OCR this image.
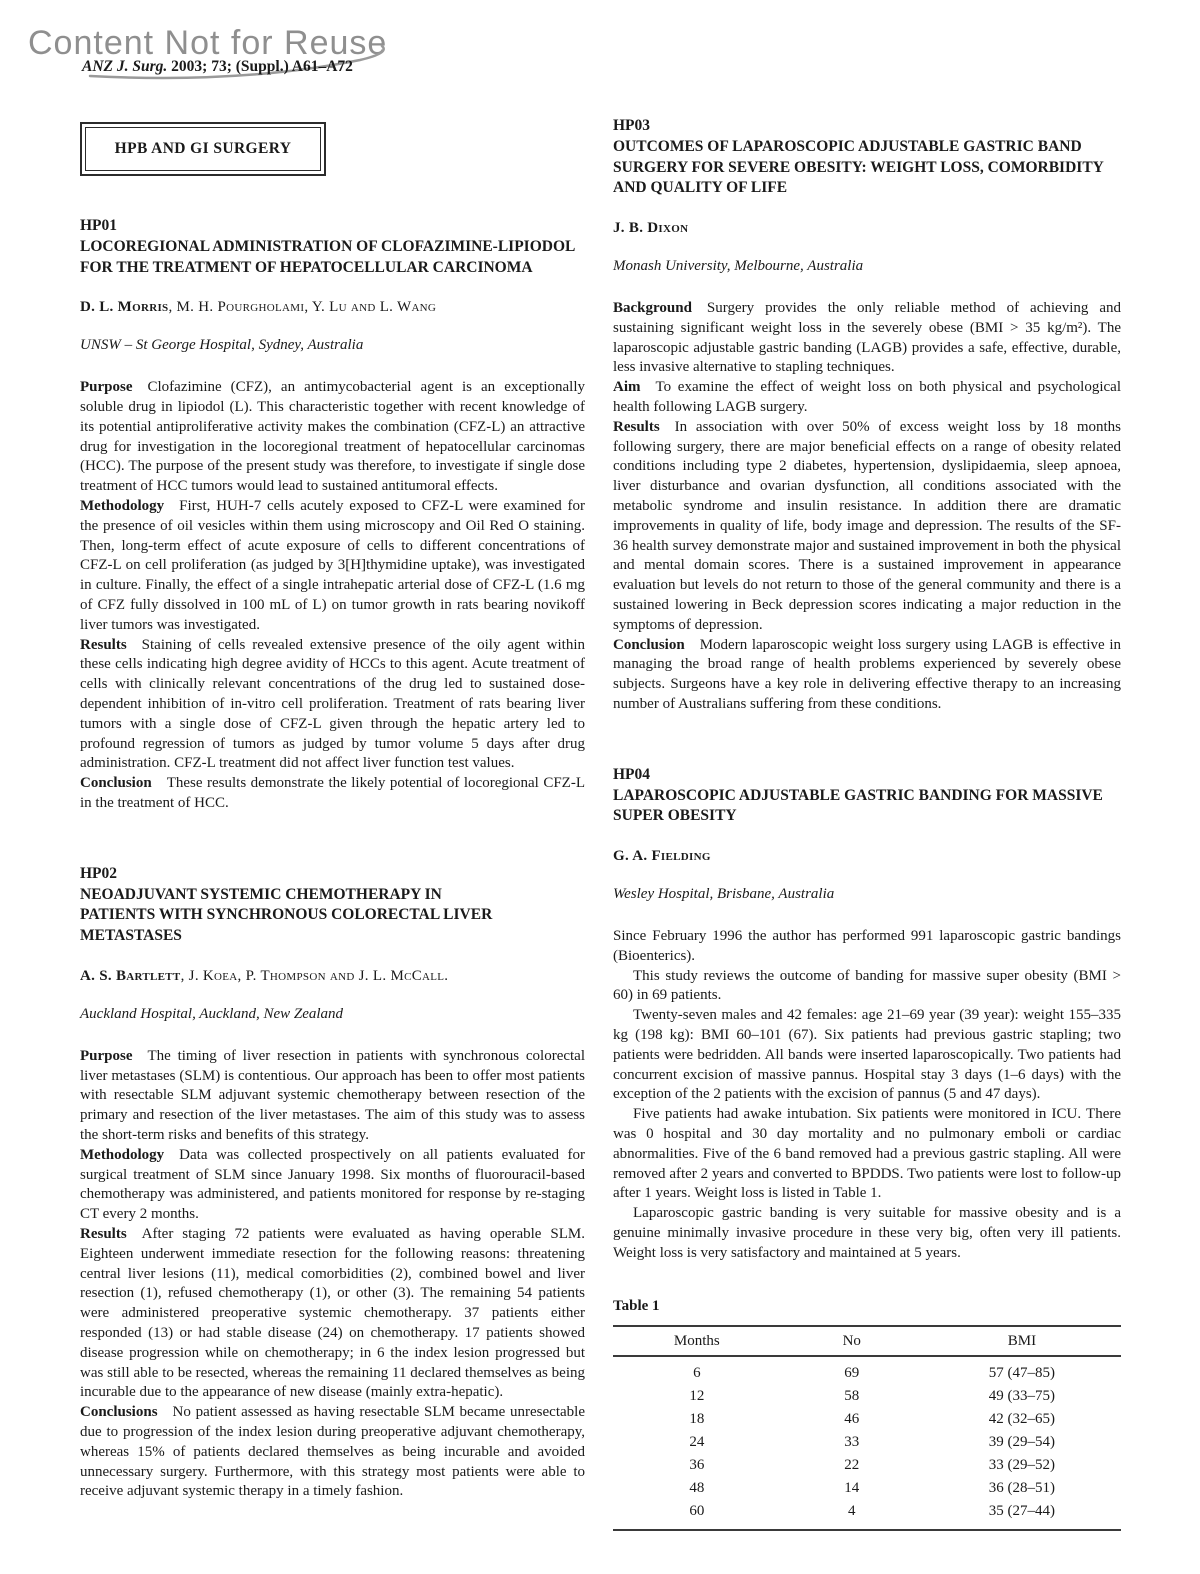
Content Not for Reuse
ANZ J. Surg. 2003; 73; (Suppl.) A61–A72
HPB AND GI SURGERY
HP01
LOCOREGIONAL ADMINISTRATION OF CLOFAZIMINE-LIPIODOL FOR THE TREATMENT OF HEPATOCELLULAR CARCINOMA

D. L. Morris, M. H. Pourgholami, Y. Lu and L. Wang

UNSW – St George Hospital, Sydney, Australia

Purpose Clofazimine (CFZ), an antimycobacterial agent is an exceptionally soluble drug in lipiodol (L). This characteristic together with recent knowledge of its potential antiproliferative activity makes the combination (CFZ-L) an attractive drug for investigation in the locoregional treatment of hepatocellular carcinomas (HCC). The purpose of the present study was therefore, to investigate if single dose treatment of HCC tumors would lead to sustained antitumoral effects.

Methodology First, HUH-7 cells acutely exposed to CFZ-L were examined for the presence of oil vesicles within them using microscopy and Oil Red O staining. Then, long-term effect of acute exposure of cells to different concentrations of CFZ-L on cell proliferation (as judged by 3[H]thymidine uptake), was investigated in culture. Finally, the effect of a single intrahepatic arterial dose of CFZ-L (1.6 mg of CFZ fully dissolved in 100 mL of L) on tumor growth in rats bearing novikoff liver tumors was investigated.

Results Staining of cells revealed extensive presence of the oily agent within these cells indicating high degree avidity of HCCs to this agent. Acute treatment of cells with clinically relevant concentrations of the drug led to sustained dose-dependent inhibition of in-vitro cell proliferation. Treatment of rats bearing liver tumors with a single dose of CFZ-L given through the hepatic artery led to profound regression of tumors as judged by tumor volume 5 days after drug administration. CFZ-L treatment did not affect liver function test values.

Conclusion These results demonstrate the likely potential of locoregional CFZ-L in the treatment of HCC.

HP02
NEOADJUVANT SYSTEMIC CHEMOTHERAPY IN PATIENTS WITH SYNCHRONOUS COLORECTAL LIVER METASTASES

A. S. Bartlett, J. Koea, P. Thompson and J. L. McCall.

Auckland Hospital, Auckland, New Zealand

Purpose The timing of liver resection in patients with synchronous colorectal liver metastases (SLM) is contentious. Our approach has been to offer most patients with resectable SLM adjuvant systemic chemotherapy between resection of the primary and resection of the liver metastases. The aim of this study was to assess the short-term risks and benefits of this strategy.

Methodology Data was collected prospectively on all patients evaluated for surgical treatment of SLM since January 1998. Six months of fluorouracil-based chemotherapy was administered, and patients monitored for response by re-staging CT every 2 months.

Results After staging 72 patients were evaluated as having operable SLM. Eighteen underwent immediate resection for the following reasons: threatening central liver lesions (11), medical comorbidities (2), combined bowel and liver resection (1), refused chemotherapy (1), or other (3). The remaining 54 patients were administered preoperative systemic chemotherapy. 37 patients either responded (13) or had stable disease (24) on chemotherapy. 17 patients showed disease progression while on chemotherapy; in 6 the index lesion progressed but was still able to be resected, whereas the remaining 11 declared themselves as being incurable due to the appearance of new disease (mainly extra-hepatic).

Conclusions No patient assessed as having resectable SLM became unresectable due to progression of the index lesion during preoperative adjuvant chemotherapy, whereas 15% of patients declared themselves as being incurable and avoided unnecessary surgery. Furthermore, with this strategy most patients were able to receive adjuvant systemic therapy in a timely fashion.

HP03
OUTCOMES OF LAPAROSCOPIC ADJUSTABLE GASTRIC BAND SURGERY FOR SEVERE OBESITY: WEIGHT LOSS, COMORBIDITY AND QUALITY OF LIFE

J. B. Dixon

Monash University, Melbourne, Australia

Background Surgery provides the only reliable method of achieving and sustaining significant weight loss in the severely obese (BMI > 35 kg/m²). The laparoscopic adjustable gastric banding (LAGB) provides a safe, effective, durable, less invasive alternative to stapling techniques.

Aim To examine the effect of weight loss on both physical and psychological health following LAGB surgery.

Results In association with over 50% of excess weight loss by 18 months following surgery, there are major beneficial effects on a range of obesity related conditions including type 2 diabetes, hypertension, dyslipidaemia, sleep apnoea, liver disturbance and ovarian dysfunction, all conditions associated with the metabolic syndrome and insulin resistance. In addition there are dramatic improvements in quality of life, body image and depression. The results of the SF-36 health survey demonstrate major and sustained improvement in both the physical and mental domain scores. There is a sustained improvement in appearance evaluation but levels do not return to those of the general community and there is a sustained lowering in Beck depression scores indicating a major reduction in the symptoms of depression.

Conclusion Modern laparoscopic weight loss surgery using LAGB is effective in managing the broad range of health problems experienced by severely obese subjects. Surgeons have a key role in delivering effective therapy to an increasing number of Australians suffering from these conditions.

HP04
LAPAROSCOPIC ADJUSTABLE GASTRIC BANDING FOR MASSIVE SUPER OBESITY

G. A. Fielding

Wesley Hospital, Brisbane, Australia

Since February 1996 the author has performed 991 laparoscopic gastric bandings (Bioenterics).

This study reviews the outcome of banding for massive super obesity (BMI > 60) in 69 patients.

Twenty-seven males and 42 females: age 21–69 year (39 year): weight 155–335 kg (198 kg): BMI 60–101 (67). Six patients had previous gastric stapling; two patients were bedridden. All bands were inserted laparoscopically. Two patients had concurrent excision of massive pannus. Hospital stay 3 days (1–6 days) with the exception of the 2 patients with the excision of pannus (5 and 47 days).

Five patients had awake intubation. Six patients were monitored in ICU. There was 0 hospital and 30 day mortality and no pulmonary emboli or cardiac abnormalities. Five of the 6 band removed had a previous gastric stapling. All were removed after 2 years and converted to BPDDS. Two patients were lost to follow-up after 1 years. Weight loss is listed in Table 1.

Laparoscopic gastric banding is very suitable for massive obesity and is a genuine minimally invasive procedure in these very big, often very ill patients. Weight loss is very satisfactory and maintained at 5 years.

Table 1
Months	No	BMI
6	69	57 (47–85)
12	58	49 (33–75)
18	46	42 (32–65)
24	33	39 (29–54)
36	22	33 (29–52)
48	14	36 (28–51)
60	4	35 (27–44)
